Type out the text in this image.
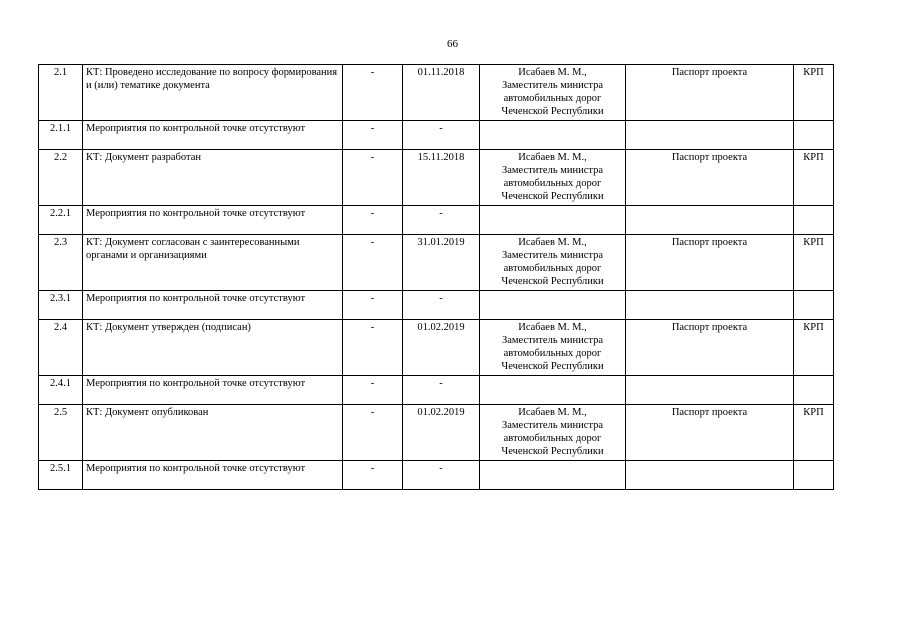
66
2.1	КТ: Проведено исследование по вопросу формирования и (или) тематике документа	-	01.11.2018	Исабаев М. М.,
Заместитель министра
автомобильных дорог
Чеченской Республики	Паспорт проекта	КРП
2.1.1	Мероприятия по контрольной точке отсутствуют	-	-			
2.2	КТ: Документ разработан	-	15.11.2018	Исабаев М. М.,
Заместитель министра
автомобильных дорог
Чеченской Республики	Паспорт проекта	КРП
2.2.1	Мероприятия по контрольной точке отсутствуют	-	-			
2.3	КТ: Документ согласован с заинтересованными органами и организациями	-	31.01.2019	Исабаев М. М.,
Заместитель министра
автомобильных дорог
Чеченской Республики	Паспорт проекта	КРП
2.3.1	Мероприятия по контрольной точке отсутствуют	-	-			
2.4	КТ: Документ утвержден (подписан)	-	01.02.2019	Исабаев М. М.,
Заместитель министра
автомобильных дорог
Чеченской Республики	Паспорт проекта	КРП
2.4.1	Мероприятия по контрольной точке отсутствуют	-	-			
2.5	КТ: Документ опубликован	-	01.02.2019	Исабаев М. М.,
Заместитель министра
автомобильных дорог
Чеченской Республики	Паспорт проекта	КРП
2.5.1	Мероприятия по контрольной точке отсутствуют	-	-			
